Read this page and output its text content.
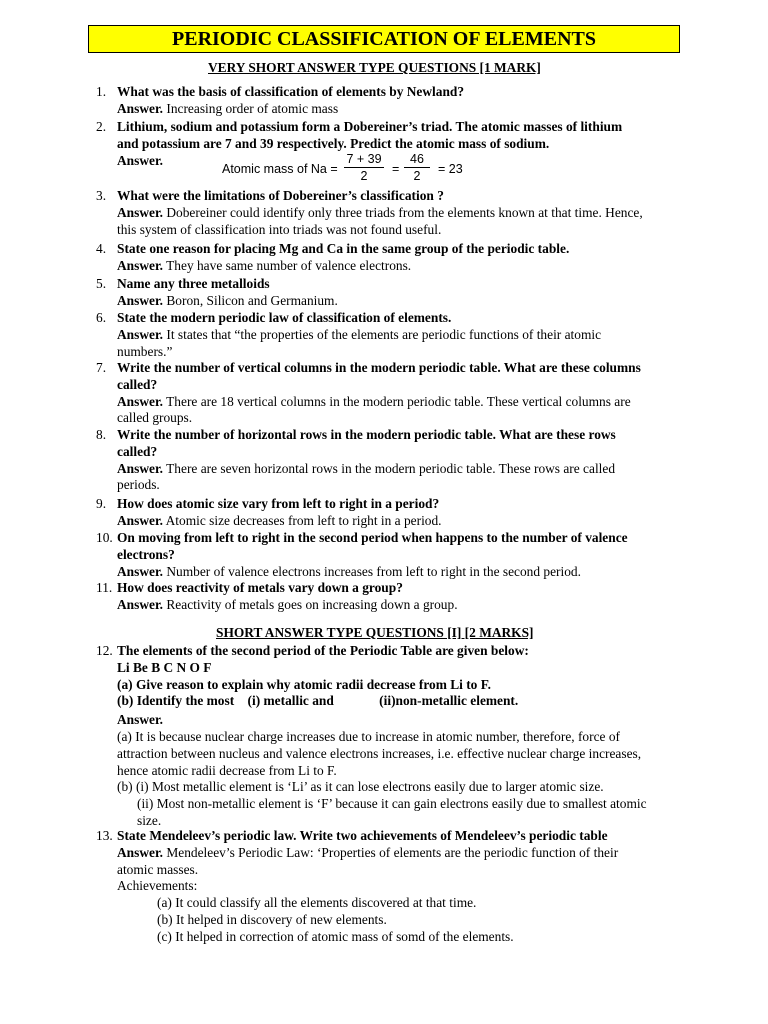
PERIODIC CLASSIFICATION OF ELEMENTS
VERY SHORT ANSWER TYPE QUESTIONS [1 MARK]
1. What was the basis of classification of elements by Newland?
Answer. Increasing order of atomic mass
2. Lithium, sodium and potassium form a Dobereiner’s triad. The atomic masses of lithium
and potassium are 7 and 39 respectively. Predict the atomic mass of sodium.
Answer.
Atomic mass of $Na = \frac{7 + 39}{2} = \frac{46}{2} = 23$
3. What were the limitations of Dobereiner’s classification ?
Answer. Dobereiner could identify only three triads from the elements known at that time. Hence,
this system of classification into triads was not found useful.
4. State one reason for placing Mg and Ca in the same group of the periodic table.
Answer. They have same number of valence electrons.
5. Name any three metalloids
Answer. Boron, Silicon and Germanium.
6. State the modern periodic law of classification of elements.
Answer. It states that “the properties of the elements are periodic functions of their atomic
numbers.”
7. Write the number of vertical columns in the modern periodic table. What are these columns
called?
Answer. There are 18 vertical columns in the modern periodic table. These vertical columns are
called groups.
8. Write the number of horizontal rows in the modern periodic table. What are these rows
called?
Answer. There are seven horizontal rows in the modern periodic table. These rows are called
periods.
9. How does atomic size vary from left to right in a period?
Answer. Atomic size decreases from left to right in a period.
10. On moving from left to right in the second period when happens to the number of valence
electrons?
Answer. Number of valence electrons increases from left to right in the second period.
11. How does reactivity of metals vary down a group?
Answer. Reactivity of metals goes on increasing down a group.
SHORT ANSWER TYPE QUESTIONS [I] [2 MARKS]
12. The elements of the second period of the Periodic Table are given below:
Li Be B C N O F
(a) Give reason to explain why atomic radii decrease from Li to F.
(b) Identify the most (i) metallic and	(ii)non-metallic element.
Answer.
(a) It is because nuclear charge increases due to increase in atomic number, therefore, force of
attraction between nucleus and valence electrons increases, i.e. effective nuclear charge increases,
hence atomic radii decrease from Li to F.
(b) (i) Most metallic element is ‘Li’ as it can lose electrons easily due to larger atomic size.
(ii) Most non-metallic element is ‘F’ because it can gain electrons easily due to smallest atomic
size.
13. State Mendeleev’s periodic law. Write two achievements of Mendeleev’s periodic table
Answer. Mendeleev’s Periodic Law: ‘Properties of elements are the periodic function of their
atomic masses.
Achievements:
(a) It could classify all the elements discovered at that time.
(b) It helped in discovery of new elements.
(c) It helped in correction of atomic mass of somd of the elements.
